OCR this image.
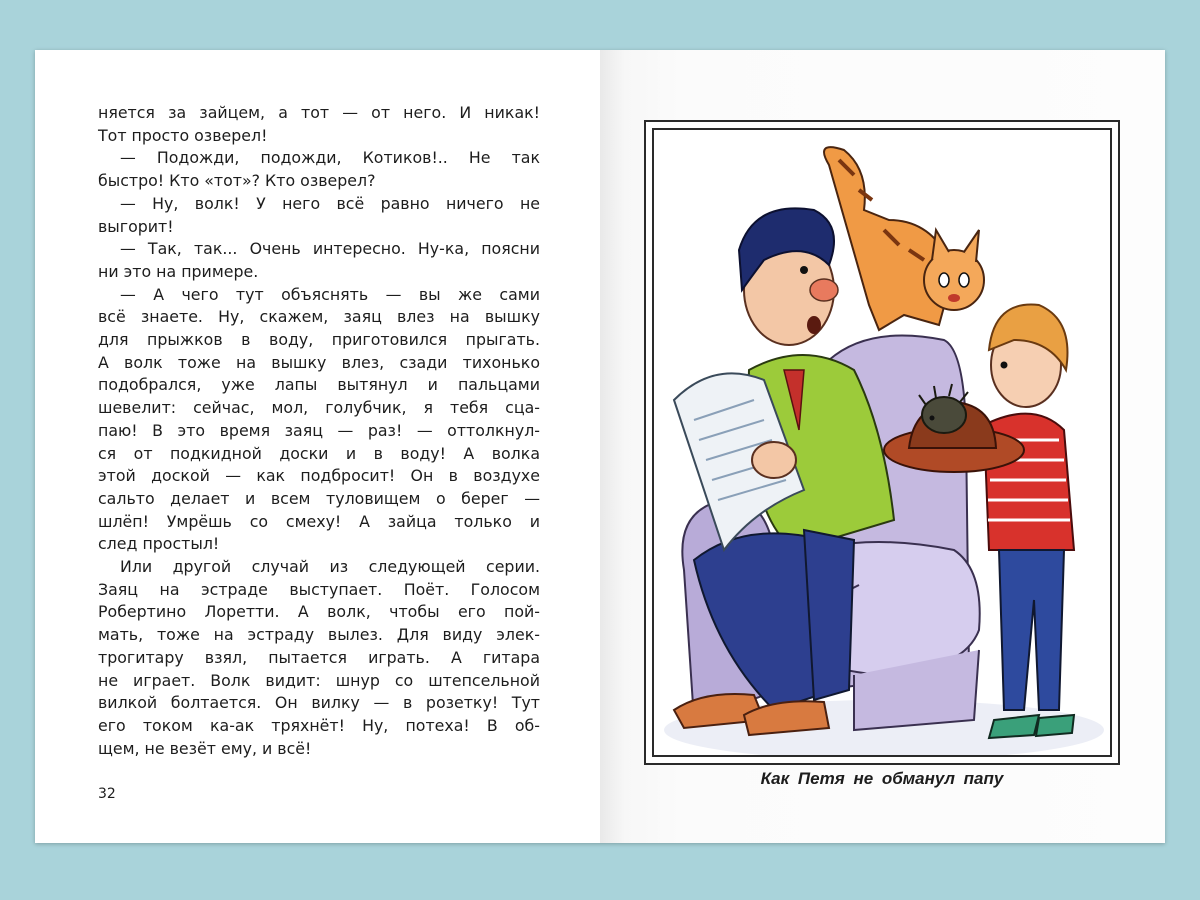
няется за зайцем, а тот — от него. И никак!
Тот просто озверел!
— Подожди, подожди, Котиков!.. Не так
быстро! Кто «тот»? Кто озверел?
— Ну, волк! У него всё равно ничего не
выгорит!
— Так, так... Очень интересно. Ну-ка, поясни
ни это на примере.
— А чего тут объяснять — вы же сами
всё знаете. Ну, скажем, заяц влез на вышку
для прыжков в воду, приготовился прыгать.
А волк тоже на вышку влез, сзади тихонько
подобрался, уже лапы вытянул и пальцами
шевелит: сейчас, мол, голубчик, я тебя сца-
паю! В это время заяц — раз! — оттолкнул-
ся от подкидной доски и в воду! А волка
этой доской — как подбросит! Он в воздухе
сальто делает и всем туловищем о берег —
шлёп! Умрёшь со смеху! А зайца только и
след простыл!
Или другой случай из следующей серии.
Заяц на эстраде выступает. Поёт. Голосом
Робертино Лоретти. А волк, чтобы его пой-
мать, тоже на эстраду вылез. Для виду элек-
трогитару взял, пытается играть. А гитара
не играет. Волк видит: шнур со штепсельной
вилкой болтается. Он вилку — в розетку! Тут
его током ка-ак тряхнёт! Ну, потеха! В об-
щем, не везёт ему, и всё!
32
Как Петя не обманул папу
